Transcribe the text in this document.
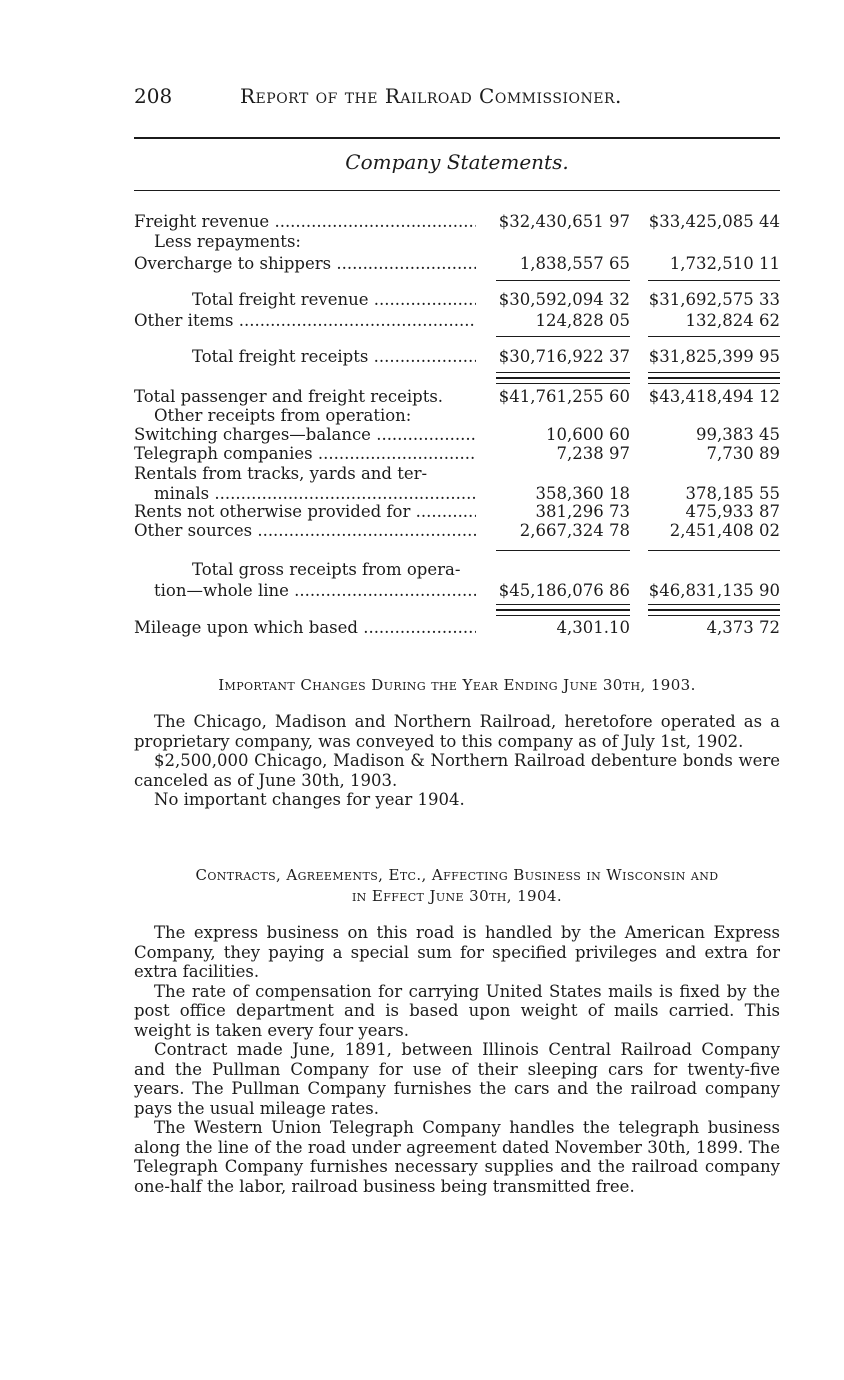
208	Report of the Railroad Commissioner.
Company Statements.
Freight revenue .....	$32,430,651 97	$33,425,085 44
Less repayments:
Overcharge to shippers .....	1,838,557 65	1,732,510 11
Total freight revenue .....	$30,592,094 32	$31,692,575 33
Other items .....	124,828 05	132,824 62
Total freight receipts .....	$30,716,922 37	$31,825,399 95
Total passenger and freight receipts.	$41,761,255 60	$43,418,494 12
Other receipts from operation:
Switching charges—balance .....	10,600 60	99,383 45
Telegraph companies .....	7,238 97	7,730 89
Rentals from tracks, yards and ter-
minals .....	358,360 18	378,185 55
Rents not otherwise provided for .....	381,296 73	475,933 87
Other sources .....	2,667,324 78	2,451,408 02
Total gross receipts from opera-
tion—whole line .....	$45,186,076 86	$46,831,135 90
Mileage upon which based .....	4,301.10	4,373 72
Important Changes During the Year Ending June 30th, 1903.

The Chicago, Madison and Northern Railroad, heretofore operated as a proprietary company, was conveyed to this company as of July 1st, 1902.

$2,500,000 Chicago, Madison & Northern Railroad debenture bonds were canceled as of June 30th, 1903.

No important changes for year 1904.

Contracts, Agreements, Etc., Affecting Business in Wisconsin and
in Effect June 30th, 1904.

The express business on this road is handled by the American Express Company, they paying a special sum for specified privileges and extra for extra facilities.

The rate of compensation for carrying United States mails is fixed by the post office department and is based upon weight of mails carried. This weight is taken every four years.

Contract made June, 1891, between Illinois Central Railroad Company and the Pullman Company for use of their sleeping cars for twenty-five years. The Pullman Company furnishes the cars and the railroad company pays the usual mileage rates.

The Western Union Telegraph Company handles the telegraph business along the line of the road under agreement dated November 30th, 1899. The Telegraph Company furnishes necessary supplies and the railroad company one-half the labor, railroad business being transmitted free.
